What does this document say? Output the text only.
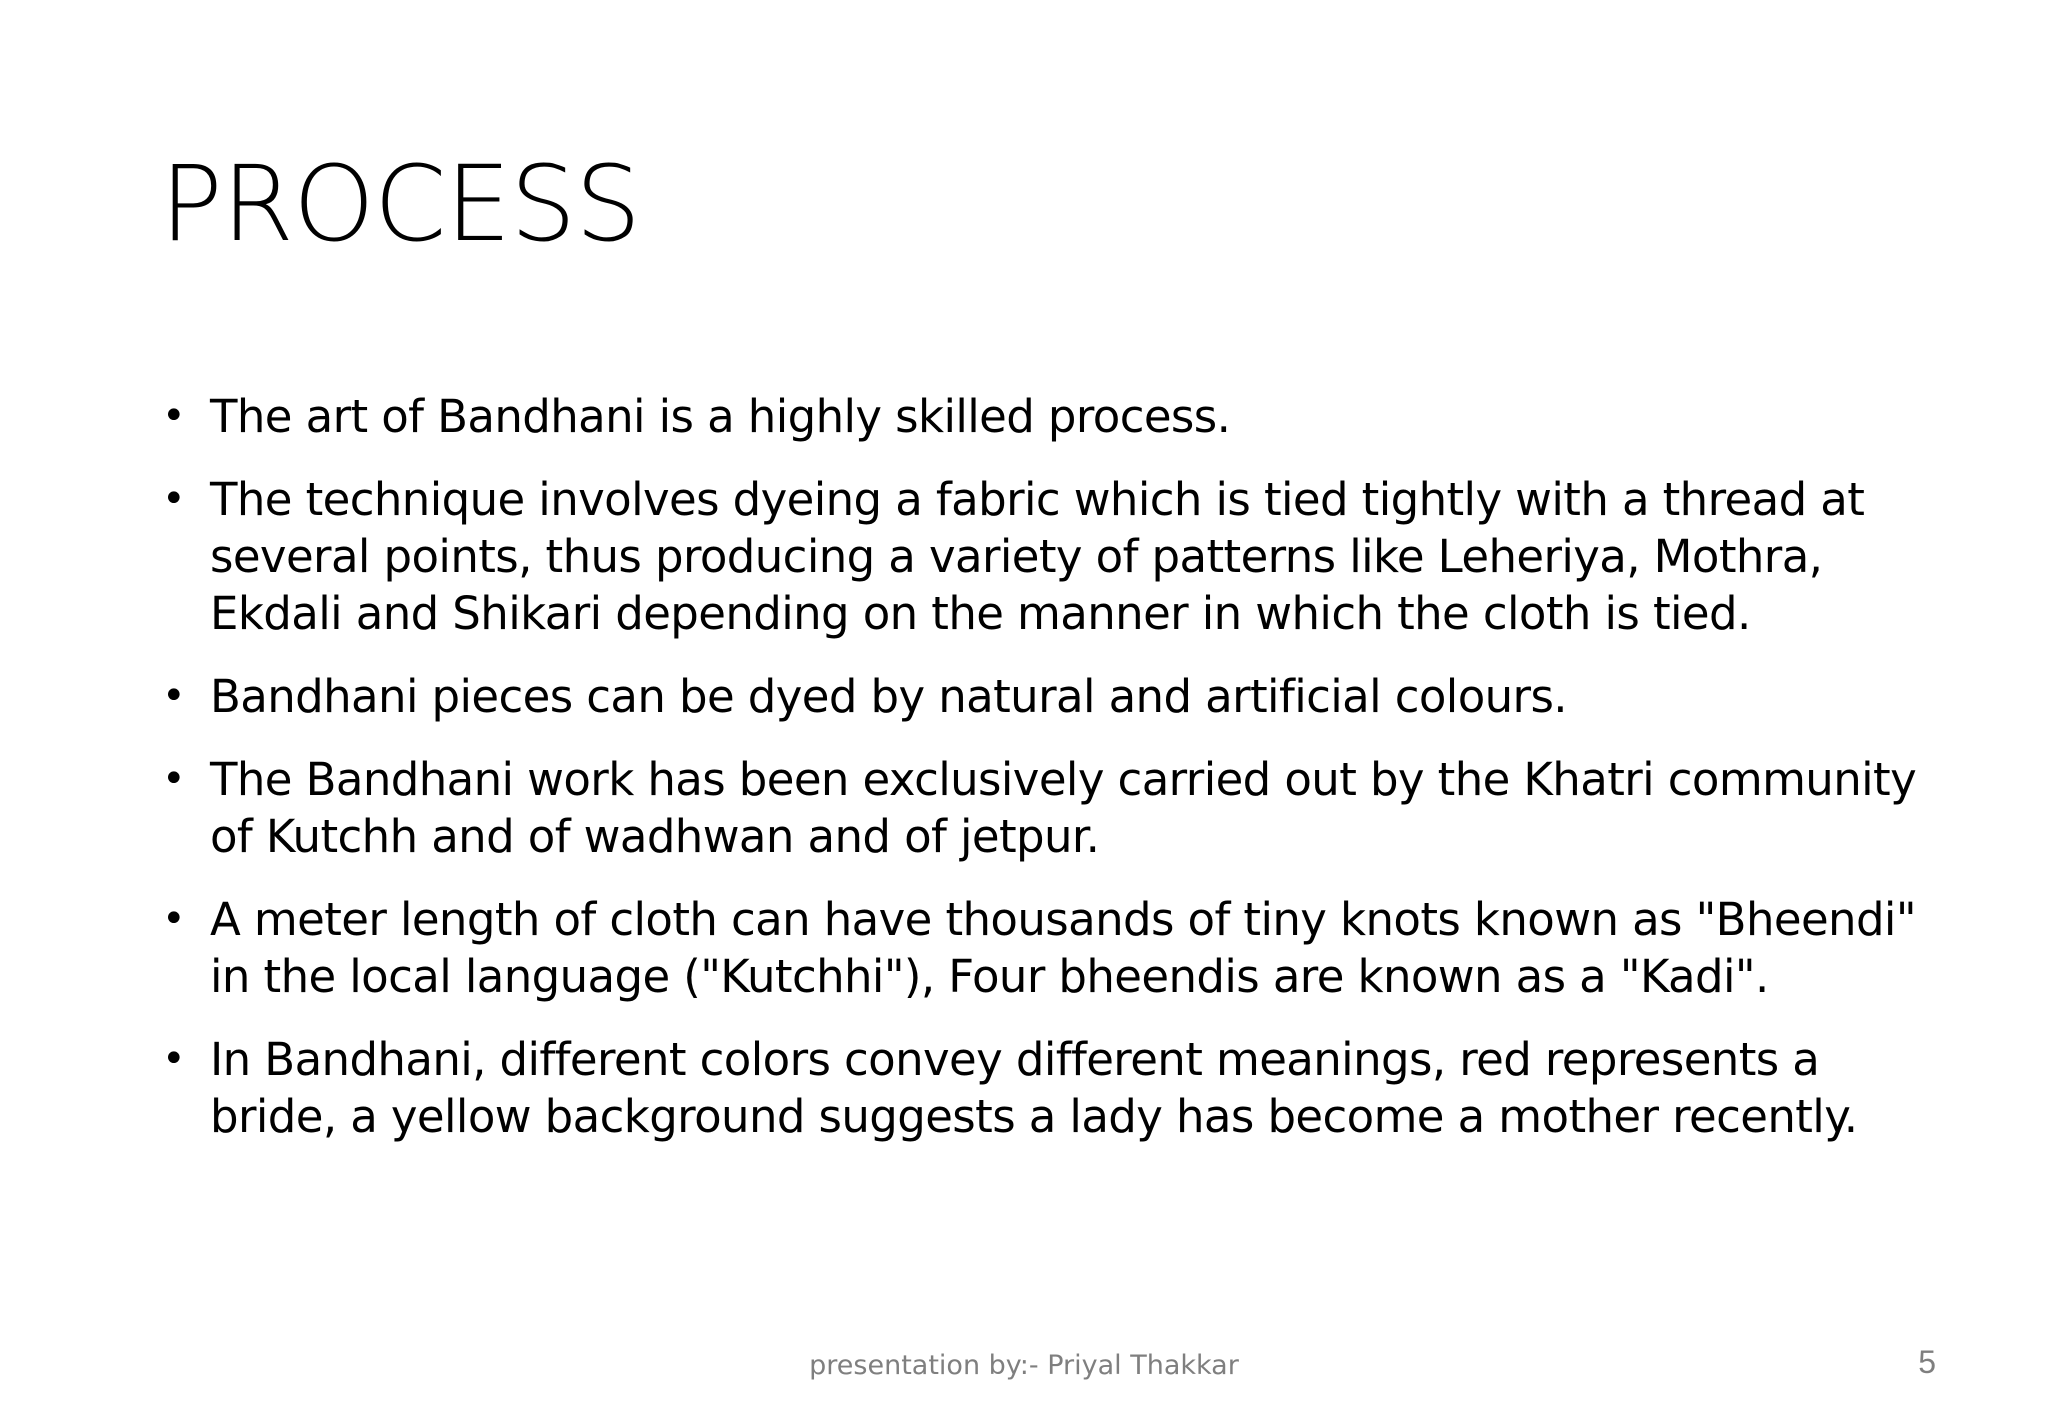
PROCESS
• The art of Bandhani is a highly skilled process.
• The technique involves dyeing a fabric which is tied tightly with a thread at several points, thus producing a variety of patterns like Leheriya, Mothra, Ekdali and Shikari depending on the manner in which the cloth is tied.
• Bandhani pieces can be dyed by natural and artificial colours.
• The Bandhani work has been exclusively carried out by the Khatri community of Kutchh and of wadhwan and of jetpur.
• A meter length of cloth can have thousands of tiny knots known as "Bheendi" in the local language ("Kutchhi"), Four bheendis are known as a "Kadi".
• In Bandhani, different colors convey different meanings, red represents a bride, a yellow background suggests a lady has become a mother recently.
presentation by:- Priyal Thakkar	5
